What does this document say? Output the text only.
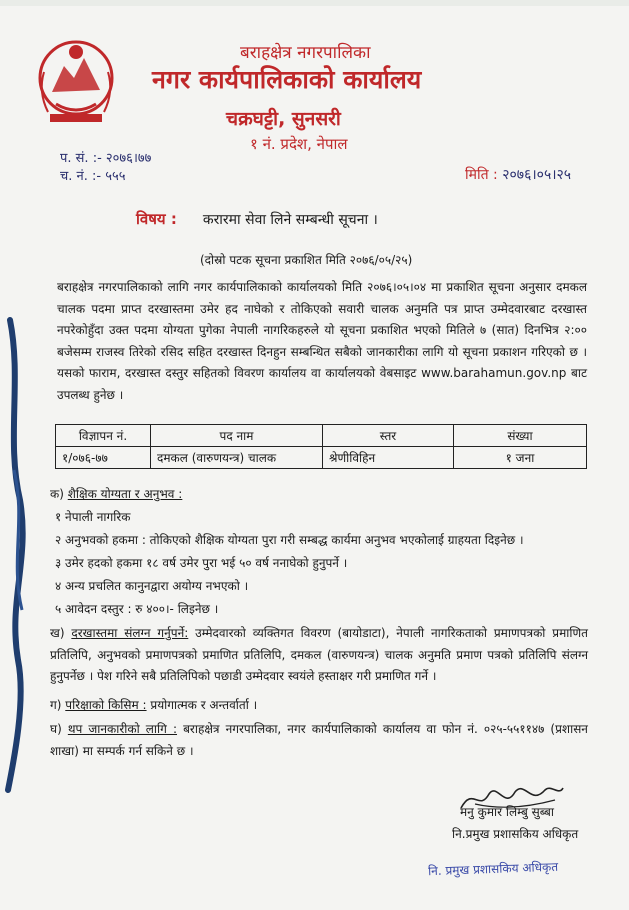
बराहक्षेत्र नगरपालिका
नगर कार्यपालिकाको कार्यालय
चक्रघट्टी, सुनसरी
१ नं. प्रदेश, नेपाल
प. सं. :- २०७६।७७
च. नं. :- ५५५	मिति : २०७६।०५।२५
विषय : करारमा सेवा लिने सम्बन्धी सूचना ।
(दोस्रो पटक सूचना प्रकाशित मिति २०७६/०५/२५)
बराहक्षेत्र नगरपालिकाको लागि नगर कार्यपालिकाको कार्यालयको मिति २०७६।०५।०४ मा प्रकाशित सूचना अनुसार दमकल चालक पदमा प्राप्त दरखास्तमा उमेर हद नाघेको र तोकिएको सवारी चालक अनुमति पत्र प्राप्त उम्मेदवारबाट दरखास्त नपरेकोहुँदा उक्त पदमा योग्यता पुगेका नेपाली नागरिकहरुले यो सूचना प्रकाशित भएको मितिले ७ (सात) दिनभित्र २:०० बजेसम्म राजस्व तिरेको रसिद सहित दरखास्त दिनहुन सम्बन्धित सबैको जानकारीका लागि यो सूचना प्रकाशन गरिएको छ । यसको फाराम, दरखास्त दस्तुर सहितको विवरण कार्यालय वा कार्यालयको वेबसाइट www.barahamun.gov.np बाट उपलब्ध हुनेछ ।
विज्ञापन नं.	पद नाम	स्तर	संख्या
१/०७६-७७	दमकल (वारुणयन्त्र) चालक	श्रेणीविहिन	१ जना
क) शैक्षिक योग्यता र अनुभव :
१ नेपाली नागरिक
२ अनुभवको हकमा : तोकिएको शैक्षिक योग्यता पुरा गरी सम्बद्ध कार्यमा अनुभव भएकोलाई ग्राहयता दिइनेछ ।
३ उमेर हदको हकमा १८ वर्ष उमेर पुरा भई ५० वर्ष ननाघेको हुनुपर्ने ।
४ अन्य प्रचलित कानुनद्वारा अयोग्य नभएको ।
५ आवेदन दस्तुर : रु ४००।- लिइनेछ ।
ख) दरखास्तमा संलग्न गर्नुपर्ने: उम्मेदवारको व्यक्तिगत विवरण (बायोडाटा), नेपाली नागरिकताको प्रमाणपत्रको प्रमाणित प्रतिलिपि, अनुभवको प्रमाणपत्रको प्रमाणित प्रतिलिपि, दमकल (वारुणयन्त्र) चालक अनुमति प्रमाण पत्रको प्रतिलिपि संलग्न हुनुपर्नेछ । पेश गरिने सबै प्रतिलिपिको पछाडी उम्मेदवार स्वयंले हस्ताक्षर गरी प्रमाणित गर्ने ।
ग) परिक्षाको किसिम : प्रयोगात्मक र अन्तर्वार्ता ।
घ) थप जानकारीको लागि : बराहक्षेत्र नगरपालिका, नगर कार्यपालिकाको कार्यालय वा फोन नं. ०२५-५५११४७ (प्रशासन शाखा) मा सम्पर्क गर्न सकिने छ ।
मनु कुमार लिम्बु सुब्बा
नि.प्रमुख प्रशासकिय अधिकृत
नि. प्रमुख प्रशासकिय अधिकृत
